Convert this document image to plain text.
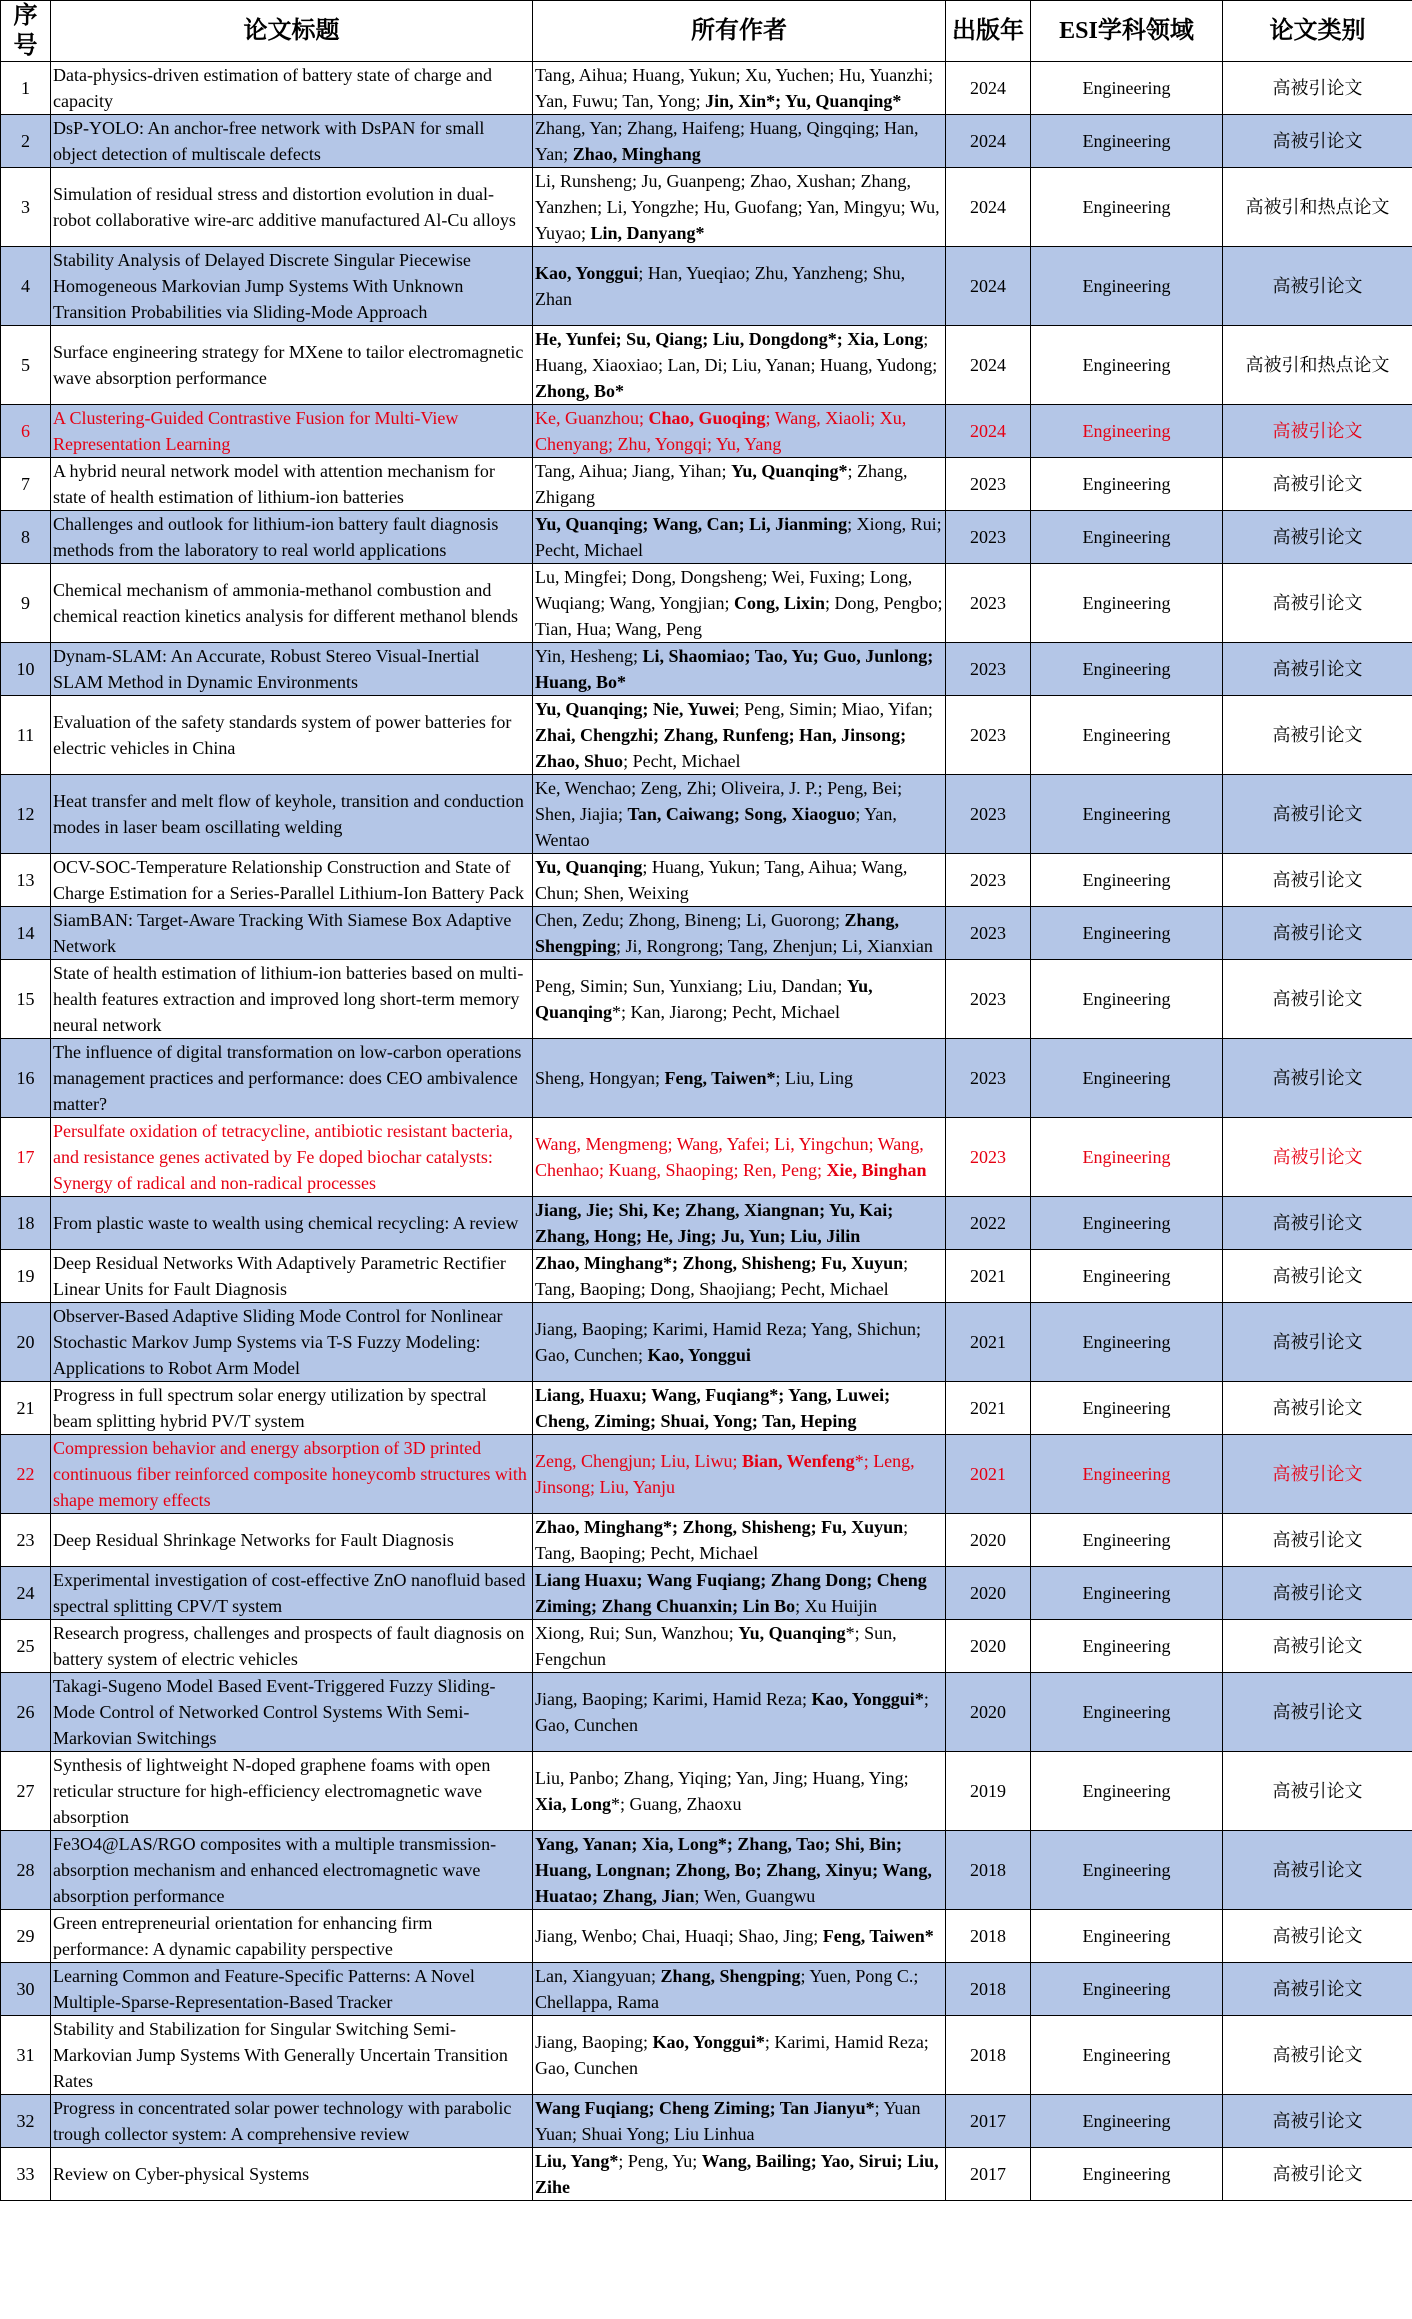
序号	论文标题	所有作者	出版年	ESI学科领域	论文类别
1	Data-physics-driven estimation of battery state of charge and capacity	Tang, Aihua; Huang, Yukun; Xu, Yuchen; Hu, Yuanzhi; Yan, Fuwu; Tan, Yong; Jin, Xin*; Yu, Quanqing*	2024	Engineering	高被引论文
2	DsP-YOLO: An anchor-free network with DsPAN for small object detection of multiscale defects	Zhang, Yan; Zhang, Haifeng; Huang, Qingqing; Han, Yan; Zhao, Minghang	2024	Engineering	高被引论文
3	Simulation of residual stress and distortion evolution in dual-robot collaborative wire-arc additive manufactured Al-Cu alloys	Li, Runsheng; Ju, Guanpeng; Zhao, Xushan; Zhang, Yanzhen; Li, Yongzhe; Hu, Guofang; Yan, Mingyu; Wu, Yuyao; Lin, Danyang*	2024	Engineering	高被引和热点论文
4	Stability Analysis of Delayed Discrete Singular Piecewise Homogeneous Markovian Jump Systems With Unknown Transition Probabilities via Sliding-Mode Approach	Kao, Yonggui; Han, Yueqiao; Zhu, Yanzheng; Shu, Zhan	2024	Engineering	高被引论文
5	Surface engineering strategy for MXene to tailor electromagnetic wave absorption performance	He, Yunfei; Su, Qiang; Liu, Dongdong*; Xia, Long; Huang, Xiaoxiao; Lan, Di; Liu, Yanan; Huang, Yudong; Zhong, Bo*	2024	Engineering	高被引和热点论文
6	A Clustering-Guided Contrastive Fusion for Multi-View Representation Learning	Ke, Guanzhou; Chao, Guoqing; Wang, Xiaoli; Xu, Chenyang; Zhu, Yongqi; Yu, Yang	2024	Engineering	高被引论文
7	A hybrid neural network model with attention mechanism for state of health estimation of lithium-ion batteries	Tang, Aihua; Jiang, Yihan; Yu, Quanqing*; Zhang, Zhigang	2023	Engineering	高被引论文
8	Challenges and outlook for lithium-ion battery fault diagnosis methods from the laboratory to real world applications	Yu, Quanqing; Wang, Can; Li, Jianming; Xiong, Rui; Pecht, Michael	2023	Engineering	高被引论文
9	Chemical mechanism of ammonia-methanol combustion and chemical reaction kinetics analysis for different methanol blends	Lu, Mingfei; Dong, Dongsheng; Wei, Fuxing; Long, Wuqiang; Wang, Yongjian; Cong, Lixin; Dong, Pengbo; Tian, Hua; Wang, Peng	2023	Engineering	高被引论文
10	Dynam-SLAM: An Accurate, Robust Stereo Visual-Inertial SLAM Method in Dynamic Environments	Yin, Hesheng; Li, Shaomiao; Tao, Yu; Guo, Junlong; Huang, Bo*	2023	Engineering	高被引论文
11	Evaluation of the safety standards system of power batteries for electric vehicles in China	Yu, Quanqing; Nie, Yuwei; Peng, Simin; Miao, Yifan; Zhai, Chengzhi; Zhang, Runfeng; Han, Jinsong; Zhao, Shuo; Pecht, Michael	2023	Engineering	高被引论文
12	Heat transfer and melt flow of keyhole, transition and conduction modes in laser beam oscillating welding	Ke, Wenchao; Zeng, Zhi; Oliveira, J. P.; Peng, Bei; Shen, Jiajia; Tan, Caiwang; Song, Xiaoguo; Yan, Wentao	2023	Engineering	高被引论文
13	OCV-SOC-Temperature Relationship Construction and State of Charge Estimation for a Series-Parallel Lithium-Ion Battery Pack	Yu, Quanqing; Huang, Yukun; Tang, Aihua; Wang, Chun; Shen, Weixing	2023	Engineering	高被引论文
14	SiamBAN: Target-Aware Tracking With Siamese Box Adaptive Network	Chen, Zedu; Zhong, Bineng; Li, Guorong; Zhang, Shengping; Ji, Rongrong; Tang, Zhenjun; Li, Xianxian	2023	Engineering	高被引论文
15	State of health estimation of lithium-ion batteries based on multi-health features extraction and improved long short-term memory neural network	Peng, Simin; Sun, Yunxiang; Liu, Dandan; Yu, Quanqing*; Kan, Jiarong; Pecht, Michael	2023	Engineering	高被引论文
16	The influence of digital transformation on low-carbon operations management practices and performance: does CEO ambivalence matter?	Sheng, Hongyan; Feng, Taiwen*; Liu, Ling	2023	Engineering	高被引论文
17	Persulfate oxidation of tetracycline, antibiotic resistant bacteria, and resistance genes activated by Fe doped biochar catalysts: Synergy of radical and non-radical processes	Wang, Mengmeng; Wang, Yafei; Li, Yingchun; Wang, Chenhao; Kuang, Shaoping; Ren, Peng; Xie, Binghan	2023	Engineering	高被引论文
18	From plastic waste to wealth using chemical recycling: A review	Jiang, Jie; Shi, Ke; Zhang, Xiangnan; Yu, Kai; Zhang, Hong; He, Jing; Ju, Yun; Liu, Jilin	2022	Engineering	高被引论文
19	Deep Residual Networks With Adaptively Parametric Rectifier Linear Units for Fault Diagnosis	Zhao, Minghang*; Zhong, Shisheng; Fu, Xuyun; Tang, Baoping; Dong, Shaojiang; Pecht, Michael	2021	Engineering	高被引论文
20	Observer-Based Adaptive Sliding Mode Control for Nonlinear Stochastic Markov Jump Systems via T-S Fuzzy Modeling: Applications to Robot Arm Model	Jiang, Baoping; Karimi, Hamid Reza; Yang, Shichun; Gao, Cunchen; Kao, Yonggui	2021	Engineering	高被引论文
21	Progress in full spectrum solar energy utilization by spectral beam splitting hybrid PV/T system	Liang, Huaxu; Wang, Fuqiang*; Yang, Luwei; Cheng, Ziming; Shuai, Yong; Tan, Heping	2021	Engineering	高被引论文
22	Compression behavior and energy absorption of 3D printed continuous fiber reinforced composite honeycomb structures with shape memory effects	Zeng, Chengjun; Liu, Liwu; Bian, Wenfeng*; Leng, Jinsong; Liu, Yanju	2021	Engineering	高被引论文
23	Deep Residual Shrinkage Networks for Fault Diagnosis	Zhao, Minghang*; Zhong, Shisheng; Fu, Xuyun; Tang, Baoping; Pecht, Michael	2020	Engineering	高被引论文
24	Experimental investigation of cost-effective ZnO nanofluid based spectral splitting CPV/T system	Liang Huaxu; Wang Fuqiang; Zhang Dong; Cheng Ziming; Zhang Chuanxin; Lin Bo; Xu Huijin	2020	Engineering	高被引论文
25	Research progress, challenges and prospects of fault diagnosis on battery system of electric vehicles	Xiong, Rui; Sun, Wanzhou; Yu, Quanqing*; Sun, Fengchun	2020	Engineering	高被引论文
26	Takagi-Sugeno Model Based Event-Triggered Fuzzy Sliding-Mode Control of Networked Control Systems With Semi-Markovian Switchings	Jiang, Baoping; Karimi, Hamid Reza; Kao, Yonggui*; Gao, Cunchen	2020	Engineering	高被引论文
27	Synthesis of lightweight N-doped graphene foams with open reticular structure for high-efficiency electromagnetic wave absorption	Liu, Panbo; Zhang, Yiqing; Yan, Jing; Huang, Ying; Xia, Long*; Guang, Zhaoxu	2019	Engineering	高被引论文
28	Fe3O4@LAS/RGO composites with a multiple transmission-absorption mechanism and enhanced electromagnetic wave absorption performance	Yang, Yanan; Xia, Long*; Zhang, Tao; Shi, Bin; Huang, Longnan; Zhong, Bo; Zhang, Xinyu; Wang, Huatao; Zhang, Jian; Wen, Guangwu	2018	Engineering	高被引论文
29	Green entrepreneurial orientation for enhancing firm performance: A dynamic capability perspective	Jiang, Wenbo; Chai, Huaqi; Shao, Jing; Feng, Taiwen*	2018	Engineering	高被引论文
30	Learning Common and Feature-Specific Patterns: A Novel Multiple-Sparse-Representation-Based Tracker	Lan, Xiangyuan; Zhang, Shengping; Yuen, Pong C.; Chellappa, Rama	2018	Engineering	高被引论文
31	Stability and Stabilization for Singular Switching Semi-Markovian Jump Systems With Generally Uncertain Transition Rates	Jiang, Baoping; Kao, Yonggui*; Karimi, Hamid Reza; Gao, Cunchen	2018	Engineering	高被引论文
32	Progress in concentrated solar power technology with parabolic trough collector system: A comprehensive review	Wang Fuqiang; Cheng Ziming; Tan Jianyu*; Yuan Yuan; Shuai Yong; Liu Linhua	2017	Engineering	高被引论文
33	Review on Cyber-physical Systems	Liu, Yang*; Peng, Yu; Wang, Bailing; Yao, Sirui; Liu, Zihe	2017	Engineering	高被引论文
